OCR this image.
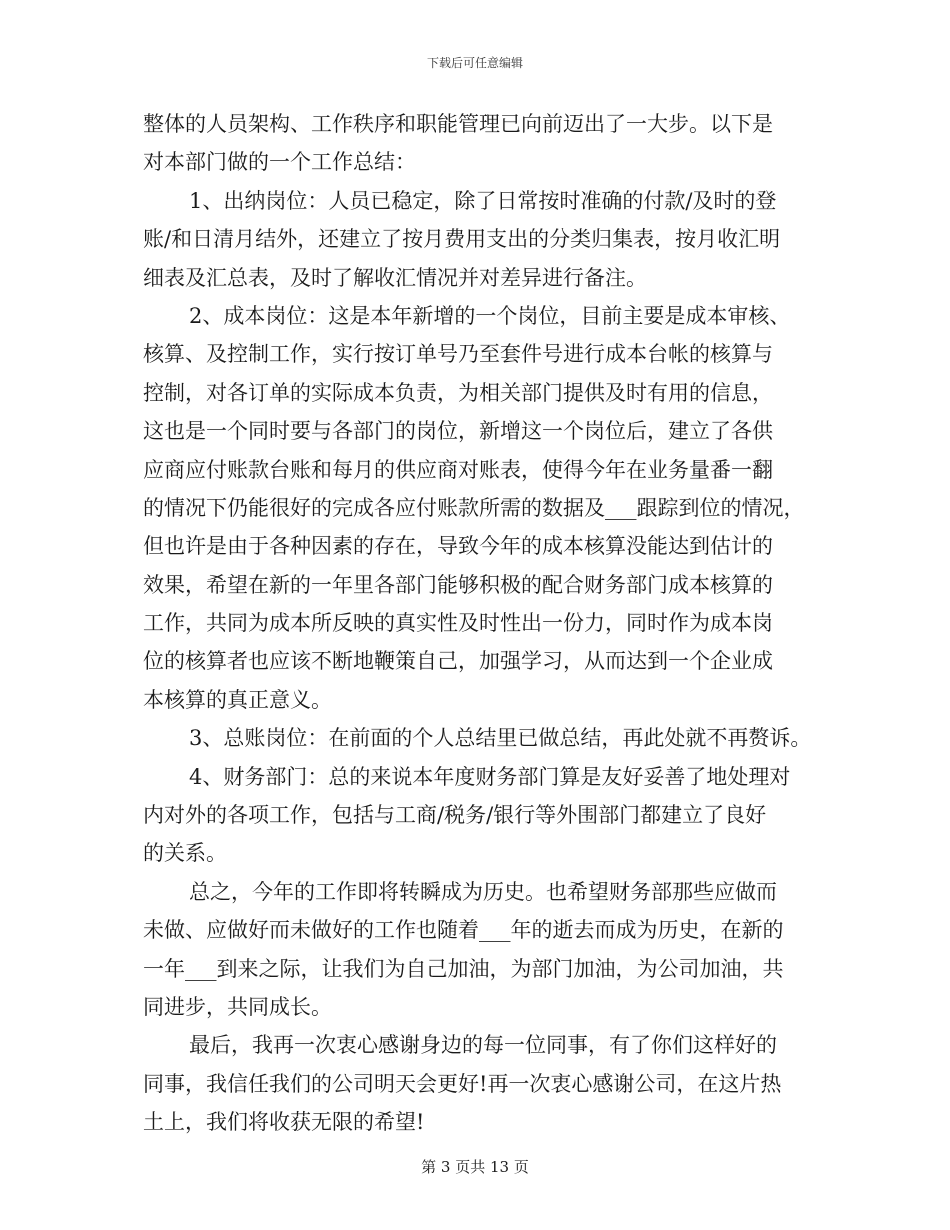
下载后可任意编辑
整体的人员架构、工作秩序和职能管理已向前迈出了一大步。以下是
对本部门做的一个工作总结：
1、出纳岗位：人员已稳定，除了日常按时准确的付款/及时的登
账/和日清月结外，还建立了按月费用支出的分类归集表，按月收汇明
细表及汇总表，及时了解收汇情况并对差异进行备注。
2、成本岗位：这是本年新增的一个岗位，目前主要是成本审核、
核算、及控制工作，实行按订单号乃至套件号进行成本台帐的核算与
控制，对各订单的实际成本负责，为相关部门提供及时有用的信息，
这也是一个同时要与各部门的岗位，新增这一个岗位后，建立了各供
应商应付账款台账和每月的供应商对账表，使得今年在业务量番一翻
的情况下仍能很好的完成各应付账款所需的数据及___跟踪到位的情况，
但也许是由于各种因素的存在，导致今年的成本核算没能达到估计的
效果，希望在新的一年里各部门能够积极的配合财务部门成本核算的
工作，共同为成本所反映的真实性及时性出一份力，同时作为成本岗
位的核算者也应该不断地鞭策自己，加强学习，从而达到一个企业成
本核算的真正意义。
3、总账岗位：在前面的个人总结里已做总结，再此处就不再赘诉。
4、财务部门：总的来说本年度财务部门算是友好妥善了地处理对
内对外的各项工作，包括与工商/税务/银行等外围部门都建立了良好
的关系。
总之，今年的工作即将转瞬成为历史。也希望财务部那些应做而
未做、应做好而未做好的工作也随着___年的逝去而成为历史，在新的
一年___到来之际，让我们为自己加油，为部门加油，为公司加油，共
同进步，共同成长。
最后，我再一次衷心感谢身边的每一位同事，有了你们这样好的
同事，我信任我们的公司明天会更好!再一次衷心感谢公司，在这片热
土上，我们将收获无限的希望!
第 3 页共 13 页
